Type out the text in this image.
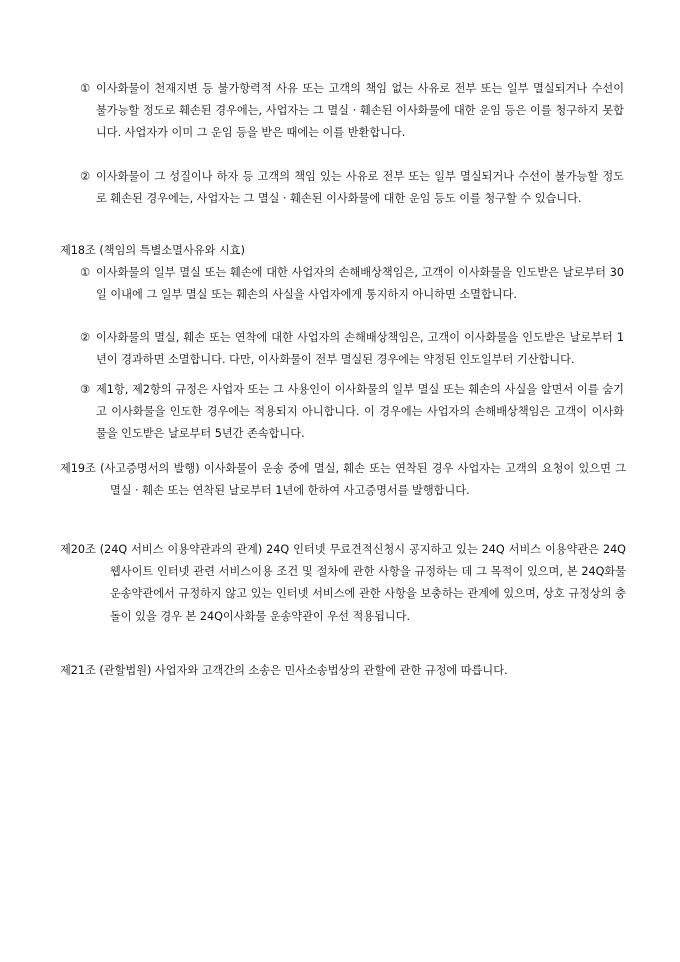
① 이사화물이 천재지변 등 불가항력적 사유 또는 고객의 책임 없는 사유로 전부 또는 일부 멸실되거나 수선이 불가능할 정도로 훼손된 경우에는, 사업자는 그 멸실 · 훼손된 이사화물에 대한 운임 등은 이를 청구하지 못합니다. 사업자가 이미 그 운임 등을 받은 때에는 이를 반환합니다.
② 이사화물이 그 성질이나 하자 등 고객의 책임 있는 사유로 전부 또는 일부 멸실되거나 수선이 불가능할 정도로 훼손된 경우에는, 사업자는 그 멸실 · 훼손된 이사화물에 대한 운임 등도 이를 청구할 수 있습니다.
제18조 (책임의 특별소멸사유와 시효)
① 이사화물의 일부 멸실 또는 훼손에 대한 사업자의 손해배상책임은, 고객이 이사화물을 인도받은 날로부터 30일 이내에 그 일부 멸실 또는 훼손의 사실을 사업자에게 통지하지 아니하면 소멸합니다.
② 이사화물의 멸실, 훼손 또는 연착에 대한 사업자의 손해배상책임은, 고객이 이사화물을 인도받은 날로부터 1년이 경과하면 소멸합니다. 다만, 이사화물이 전부 멸실된 경우에는 약정된 인도일부터 기산합니다.
③ 제1항, 제2항의 규정은 사업자 또는 그 사용인이 이사화물의 일부 멸실 또는 훼손의 사실을 알면서 이를 숨기고 이사화물을 인도한 경우에는 적용되지 아니합니다. 이 경우에는 사업자의 손해배상책임은 고객이 이사화물을 인도받은 날로부터 5년간 존속합니다.
제19조 (사고증명서의 발행) 이사화물이 운송 중에 멸실, 훼손 또는 연착된 경우 사업자는 고객의 요청이 있으면 그 멸실 · 훼손 또는 연착된 날로부터 1년에 한하여 사고증명서를 발행합니다.
제20조 (24Q 서비스 이용약관과의 관계) 24Q 인터넷 무료견적신청시 공지하고 있는 24Q 서비스 이용약관은 24Q 웹사이트 인터넷 관련 서비스이용 조건 및 절차에 관한 사항을 규정하는 데 그 목적이 있으며, 본 24Q화물운송약관에서 규정하지 않고 있는 인터넷 서비스에 관한 사항을 보충하는 관계에 있으며, 상호 규정상의 충돌이 있을 경우 본 24Q이사화물 운송약관이 우선 적용됩니다.
제21조 (관할법원) 사업자와 고객간의 소송은 민사소송법상의 관할에 관한 규정에 따릅니다.
